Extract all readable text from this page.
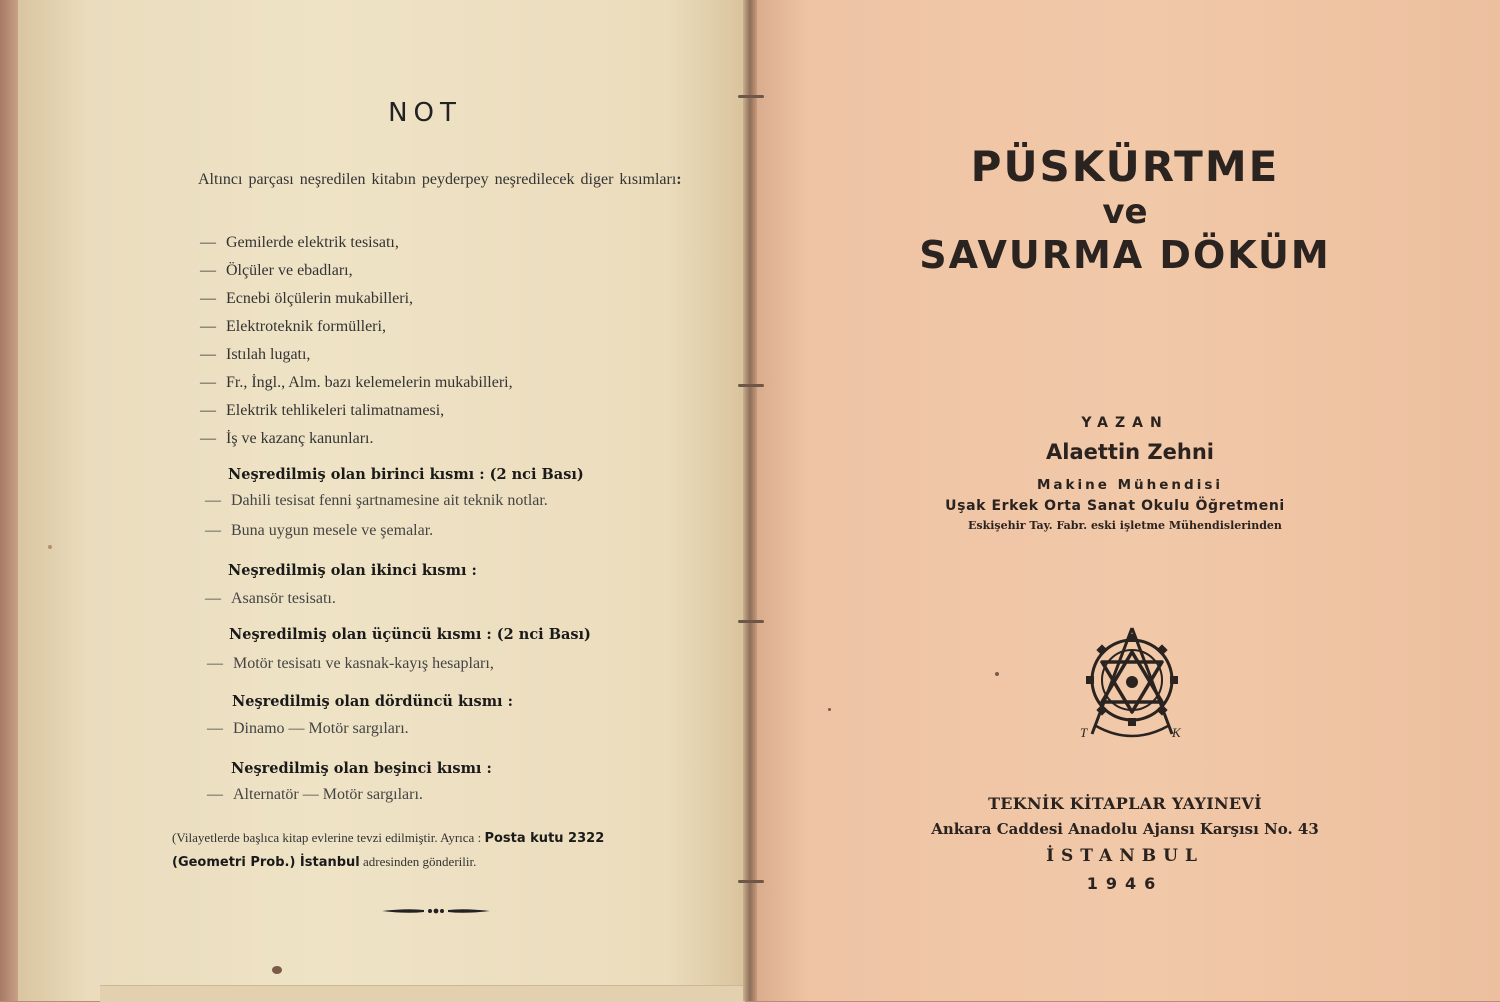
NOT
Altıncı parçası neşredilen kitabın peyderpey neşredilecek diger kısımları:
— Gemilerde elektrik tesisatı,
— Ölçüler ve ebadları,
— Ecnebi ölçülerin mukabilleri,
— Elektroteknik formülleri,
— Istılah lugatı,
— Fr., İngl., Alm. bazı kelemelerin mukabilleri,
— Elektrik tehlikeleri talimatnamesi,
— İş ve kazanç kanunları.
Neşredilmiş olan birinci kısmı : (2 nci Bası)
— Dahili tesisat fenni şartnamesine ait teknik notlar.
— Buna uygun mesele ve şemalar.
Neşredilmiş olan ikinci kısmı :
— Asansör tesisatı.
Neşredilmiş olan üçüncü kısmı : (2 nci Bası)
— Motör tesisatı ve kasnak-kayış hesapları,
Neşredilmiş olan dördüncü kısmı :
— Dinamo — Motör sargıları.
Neşredilmiş olan beşinci kısmı :
— Alternatör — Motör sargıları.
(Vilayetlerde başlıca kitap evlerine tevzi edilmiştir. Ayrıca : Posta kutu 2322
(Geometri Prob.) İstanbul adresinden gönderilir.
PÜSKÜRTME
ve
SAVURMA DÖKÜM
YAZAN
Alaettin Zehni
Makine Mühendisi
Uşak Erkek Orta Sanat Okulu Öğretmeni
Eskişehir Tay. Fabr. eski işletme Mühendislerinden
T	K
TEKNİK KİTAPLAR YAYINEVİ
Ankara Caddesi Anadolu Ajansı Karşısı No. 43
İSTANBUL
1946
